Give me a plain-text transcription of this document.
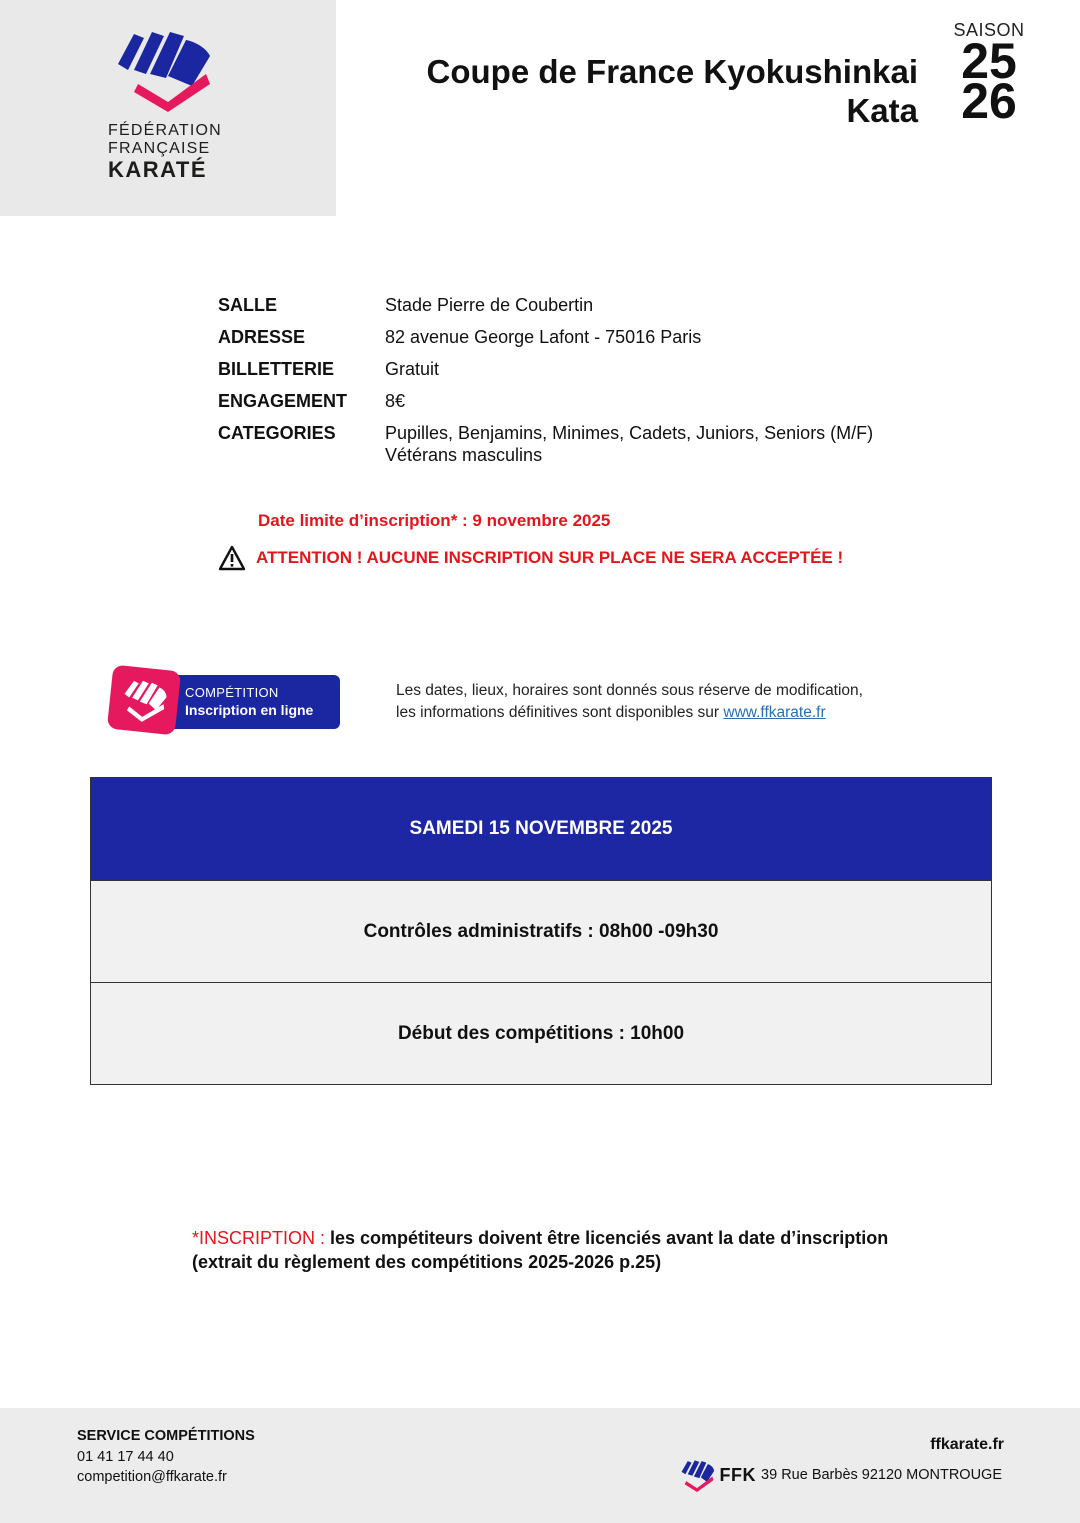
FÉDÉRATION
FRANÇAISE
KARATÉ
Coupe de France Kyokushinkai
Kata
SAISON
25
26
SALLE	Stade Pierre de Coubertin
ADRESSE	82 avenue George Lafont - 75016 Paris
BILLETTERIE	Gratuit
ENGAGEMENT	8€
CATEGORIES	Pupilles, Benjamins, Minimes, Cadets, Juniors, Seniors (M/F)
Vétérans masculins
Date limite d’inscription* : 9 novembre 2025
ATTENTION ! AUCUNE INSCRIPTION SUR PLACE NE SERA ACCEPTÉE !
COMPÉTITION
Inscription en ligne
Les dates, lieux, horaires sont donnés sous réserve de modification,
les informations définitives sont disponibles sur www.ffkarate.fr
SAMEDI 15 NOVEMBRE 2025
Contrôles administratifs : 08h00 -09h30
Début des compétitions : 10h00
*INSCRIPTION : les compétiteurs doivent être licenciés avant la date d’inscription
(extrait du règlement des compétitions 2025-2026 p.25)
SERVICE COMPÉTITIONS
01 41 17 44 40
competition@ffkarate.fr
ffkarate.fr
FFK 39 Rue Barbès 92120 MONTROUGE
